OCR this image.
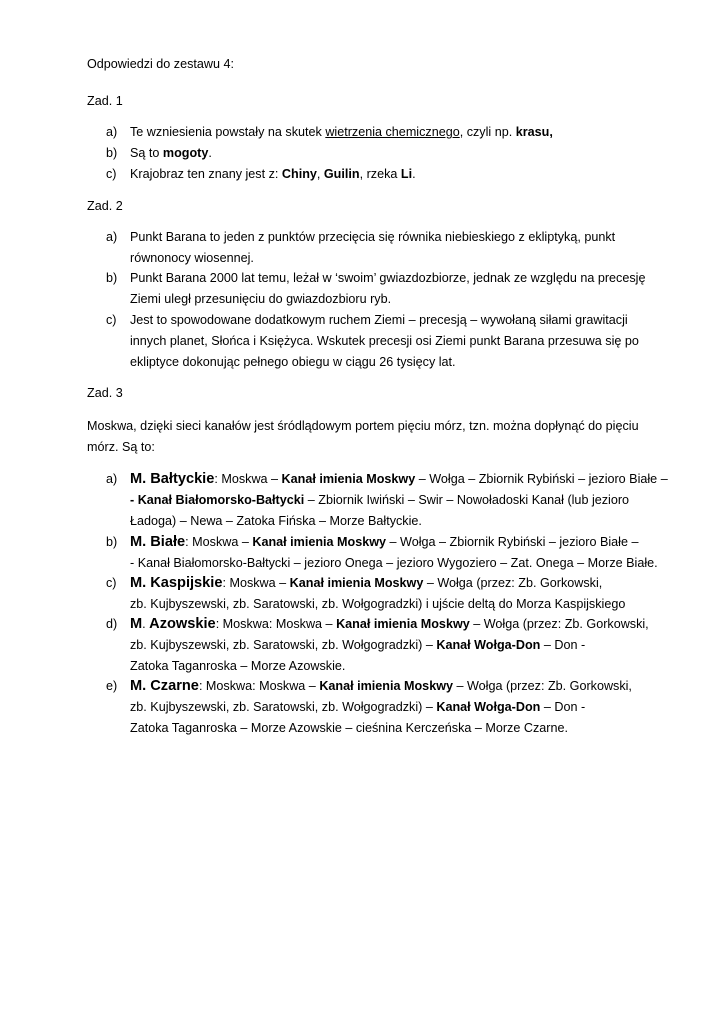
Odpowiedzi do zestawu 4:

Zad. 1

a) Te wzniesienia powstały na skutek wietrzenia chemicznego, czyli np. krasu,
b) Są to mogoty.
c) Krajobraz ten znany jest z: Chiny, Guilin, rzeka Li.

Zad. 2

a) Punkt Barana to jeden z punktów przecięcia się równika niebieskiego z ekliptyką, punkt
równonocy wiosennej.
b) Punkt Barana 2000 lat temu, leżał w ‘swoim’ gwiazdozbiorze, jednak ze względu na precesję
Ziemi uległ przesunięciu do gwiazdozbioru ryb.
c) Jest to spowodowane dodatkowym ruchem Ziemi – precesją – wywołaną siłami grawitacji
innych planet, Słońca i Księżyca. Wskutek precesji osi Ziemi punkt Barana przesuwa się po
ekliptyce dokonując pełnego obiegu w ciągu 26 tysięcy lat.

Zad. 3

Moskwa, dzięki sieci kanałów jest śródlądowym portem pięciu mórz, tzn. można dopłynąć do pięciu

mórz. Są to:

a) M. Bałtyckie: Moskwa – Kanał imienia Moskwy – Wołga – Zbiornik Rybiński – jezioro Białe –
- Kanał Białomorsko-Bałtycki – Zbiornik Iwiński – Swir – Nowoładoski Kanał (lub jezioro
Ładoga) – Newa – Zatoka Fińska – Morze Bałtyckie.
b) M. Białe: Moskwa – Kanał imienia Moskwy – Wołga – Zbiornik Rybiński – jezioro Białe –
- Kanał Białomorsko-Bałtycki – jezioro Onega – jezioro Wygoziero – Zat. Onega – Morze Białe.
c) M. Kaspijskie: Moskwa – Kanał imienia Moskwy – Wołga (przez: Zb. Gorkowski,
zb. Kujbyszewski, zb. Saratowski, zb. Wołgogradzki) i ujście deltą do Morza Kaspijskiego
d) M. Azowskie: Moskwa: Moskwa – Kanał imienia Moskwy – Wołga (przez: Zb. Gorkowski,
zb. Kujbyszewski, zb. Saratowski, zb. Wołgogradzki) – Kanał Wołga-Don – Don -
Zatoka Taganroska – Morze Azowskie.
e) M. Czarne: Moskwa: Moskwa – Kanał imienia Moskwy – Wołga (przez: Zb. Gorkowski,
zb. Kujbyszewski, zb. Saratowski, zb. Wołgogradzki) – Kanał Wołga-Don – Don -
Zatoka Taganroska – Morze Azowskie – cieśnina Kerczeńska – Morze Czarne.
